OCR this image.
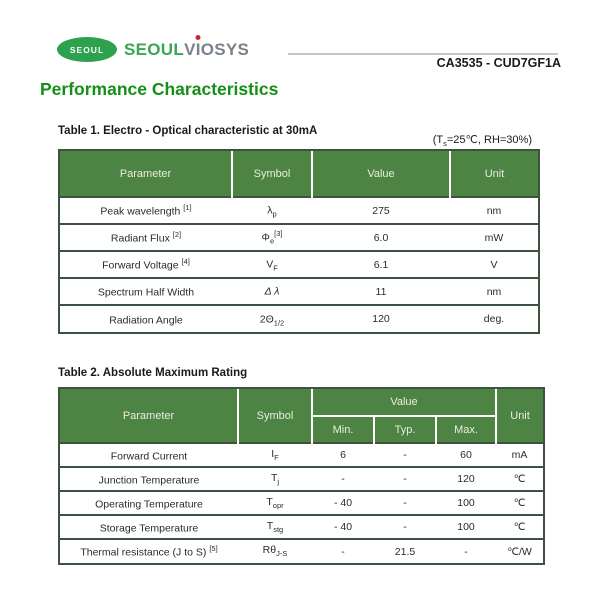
SEOUL SEOUL V I OSYS
CA3535 - CUD7GF1A
Performance Characteristics
Table 1. Electro - Optical characteristic at 30mA
($T_s=25℃$, RH=30%)
Parameter	Symbol	Value	Unit
Peak wavelength [1]	$\lambda_p$	275	nm
Radiant Flux [2]	$\Phi_e[3]$	6.0	mW
Forward Voltage [4]	$V_F$	6.1	V
Spectrum Half Width	Δ λ	11	nm
Radiation Angle	$2\Theta_{1/2}$	120	deg.
Table 2. Absolute Maximum Rating
Parameter	Symbol	Value			Unit
		Min.	Typ.	Max.	
Forward Current	$I_F$	6	-	60	mA
Junction Temperature	$T_j$	-	-	120	℃
Operating Temperature	$T_{opr}$	- 40	-	100	℃
Storage Temperature	$T_{stg}$	- 40	-	100	℃
Thermal resistance (J to S) [5]	$R\theta_{J-S}$	-	21.5	-	℃/W
